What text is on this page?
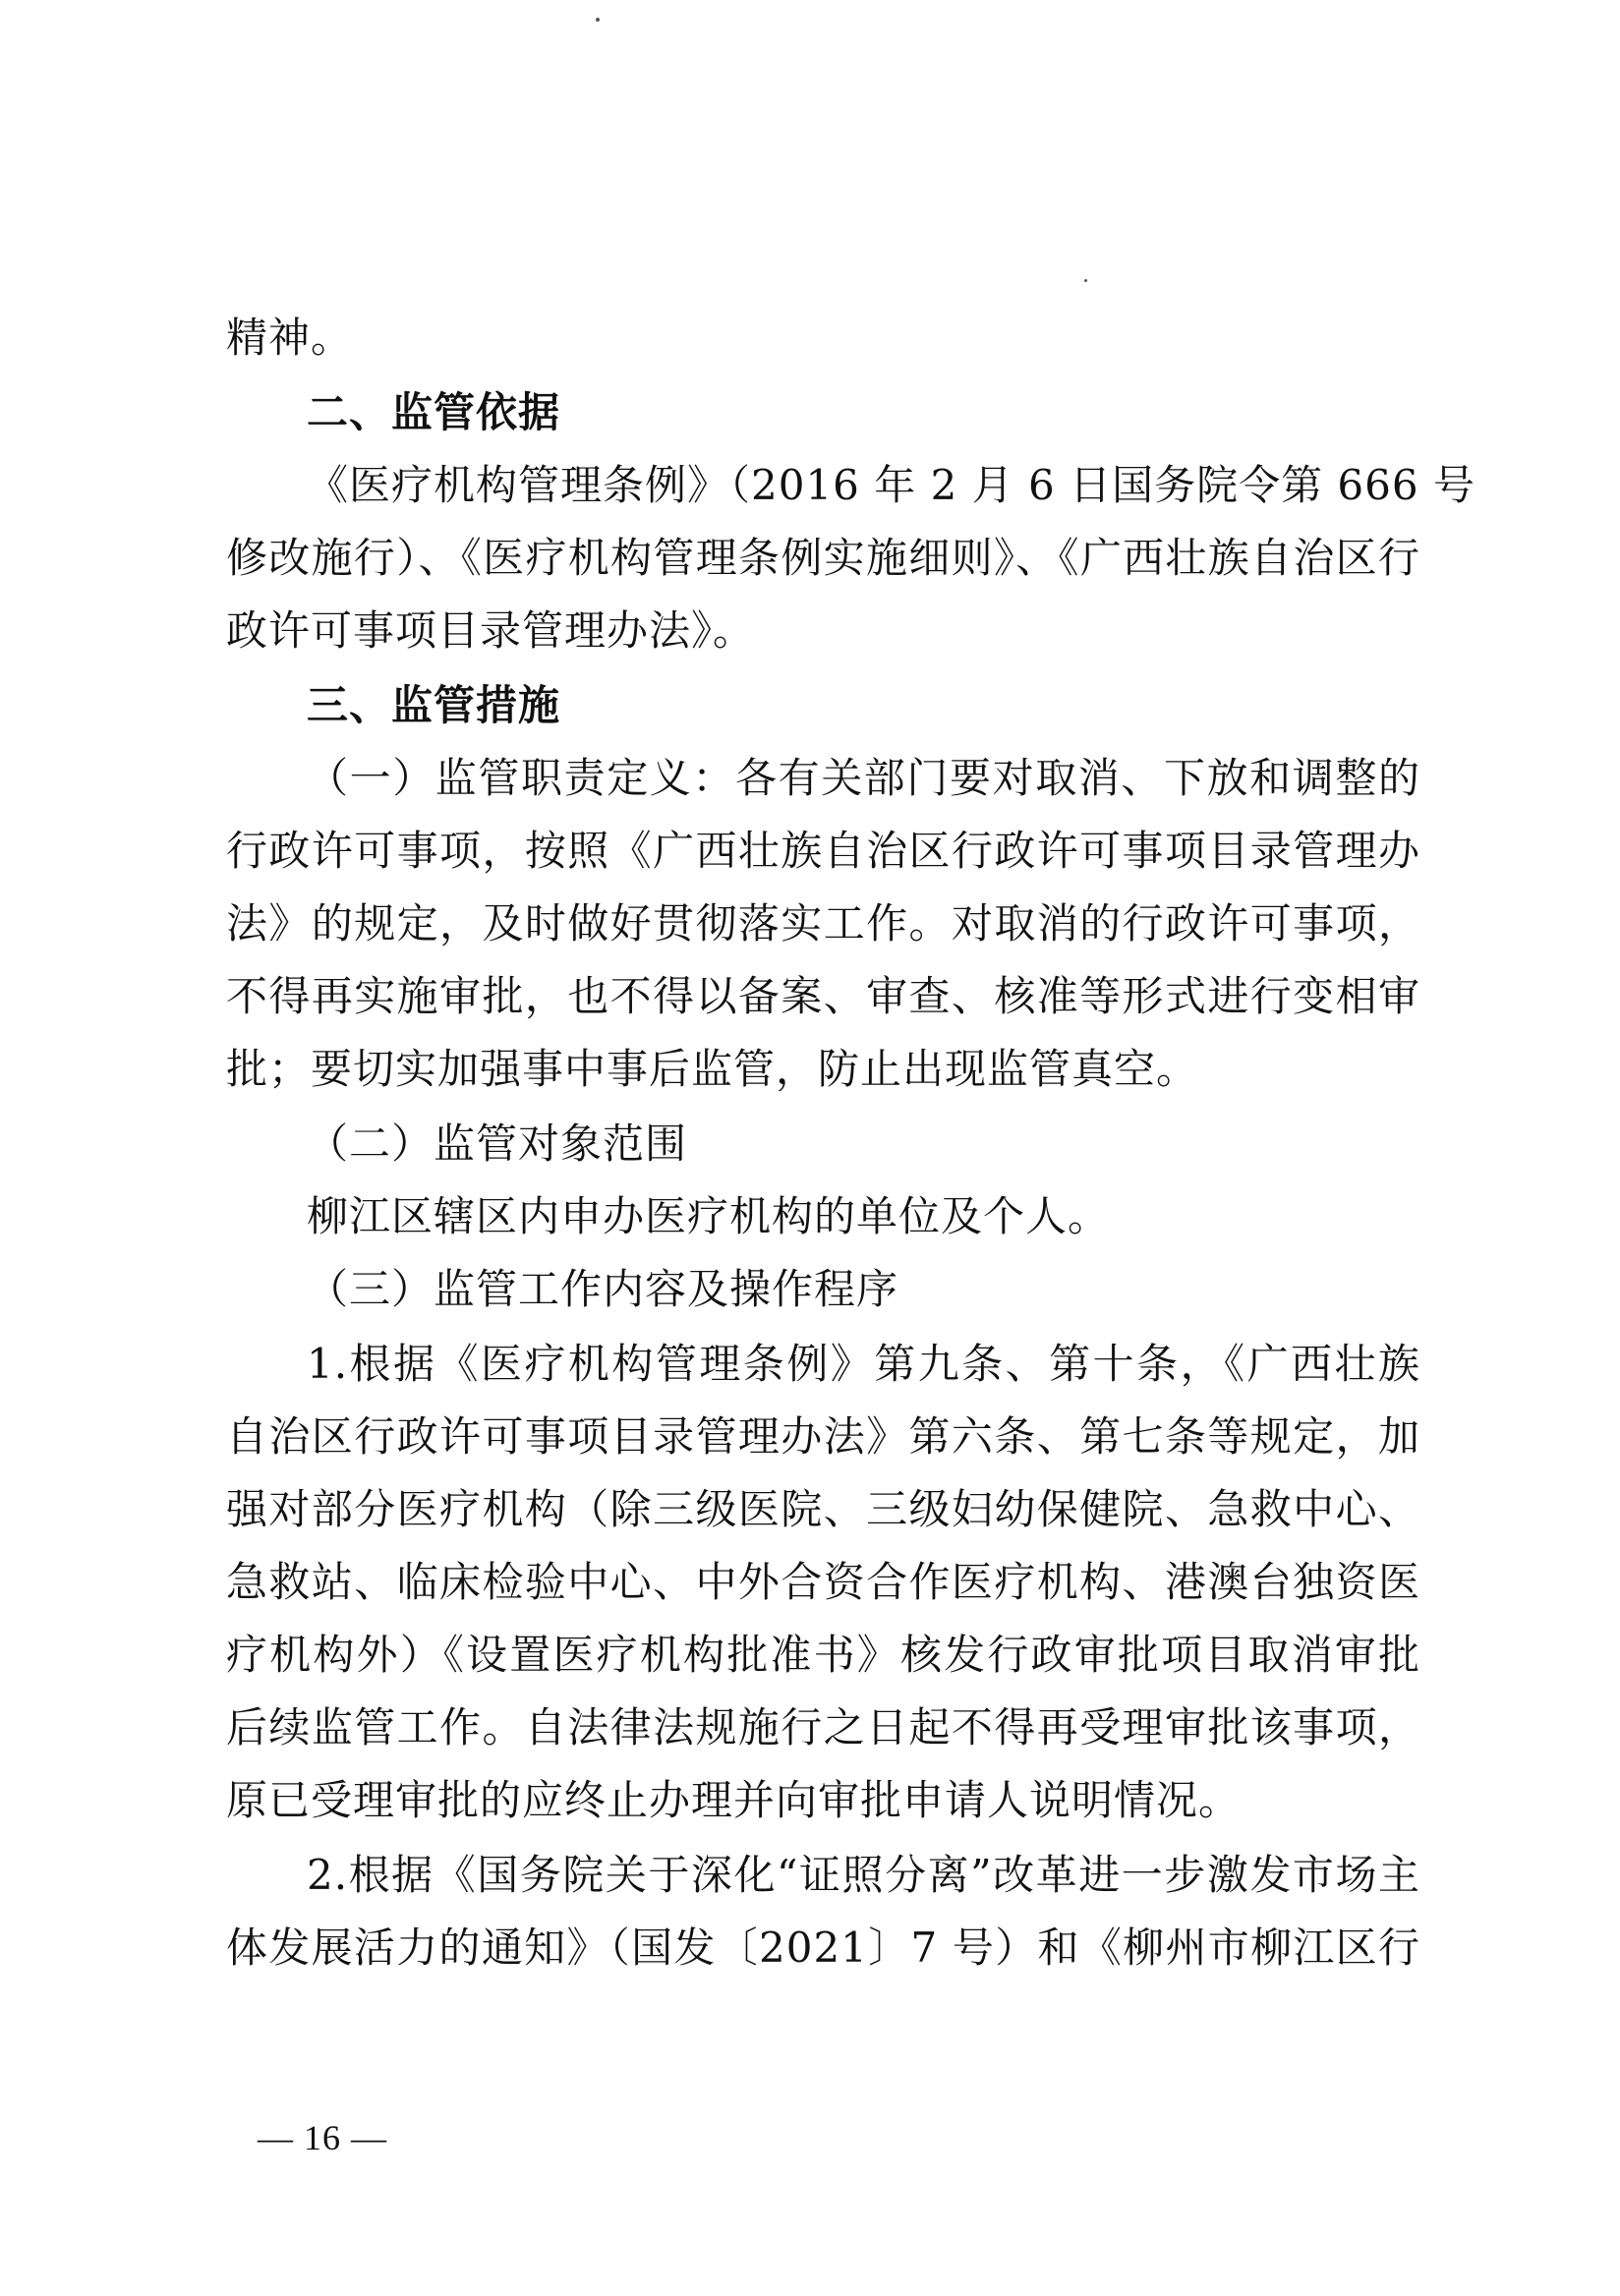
精神。
二、监管依据
《医疗机构管理条例》（2016 年 2 月 6 日国务院令第 666 号
修改施行）、《医疗机构管理条例实施细则》、《广西壮族自治区行
政许可事项目录管理办法》。
三、监管措施
（一）监管职责定义：各有关部门要对取消、下放和调整的
行政许可事项，按照《广西壮族自治区行政许可事项目录管理办
法》的规定，及时做好贯彻落实工作。对取消的行政许可事项，
不得再实施审批，也不得以备案、审查、核准等形式进行变相审
批；要切实加强事中事后监管，防止出现监管真空。
（二）监管对象范围
柳江区辖区内申办医疗机构的单位及个人。
（三）监管工作内容及操作程序
1.根据《医疗机构管理条例》第九条、第十条，《广西壮族
自治区行政许可事项目录管理办法》第六条、第七条等规定，加
强对部分医疗机构（除三级医院、三级妇幼保健院、急救中心、
急救站、临床检验中心、中外合资合作医疗机构、港澳台独资医
疗机构外）《设置医疗机构批准书》核发行政审批项目取消审批
后续监管工作。自法律法规施行之日起不得再受理审批该事项，
原已受理审批的应终止办理并向审批申请人说明情况。
2.根据《国务院关于深化“证照分离”改革进一步激发市场主
体发展活力的通知》（国发〔2021〕7 号）和《柳州市柳江区行
— 16 —
